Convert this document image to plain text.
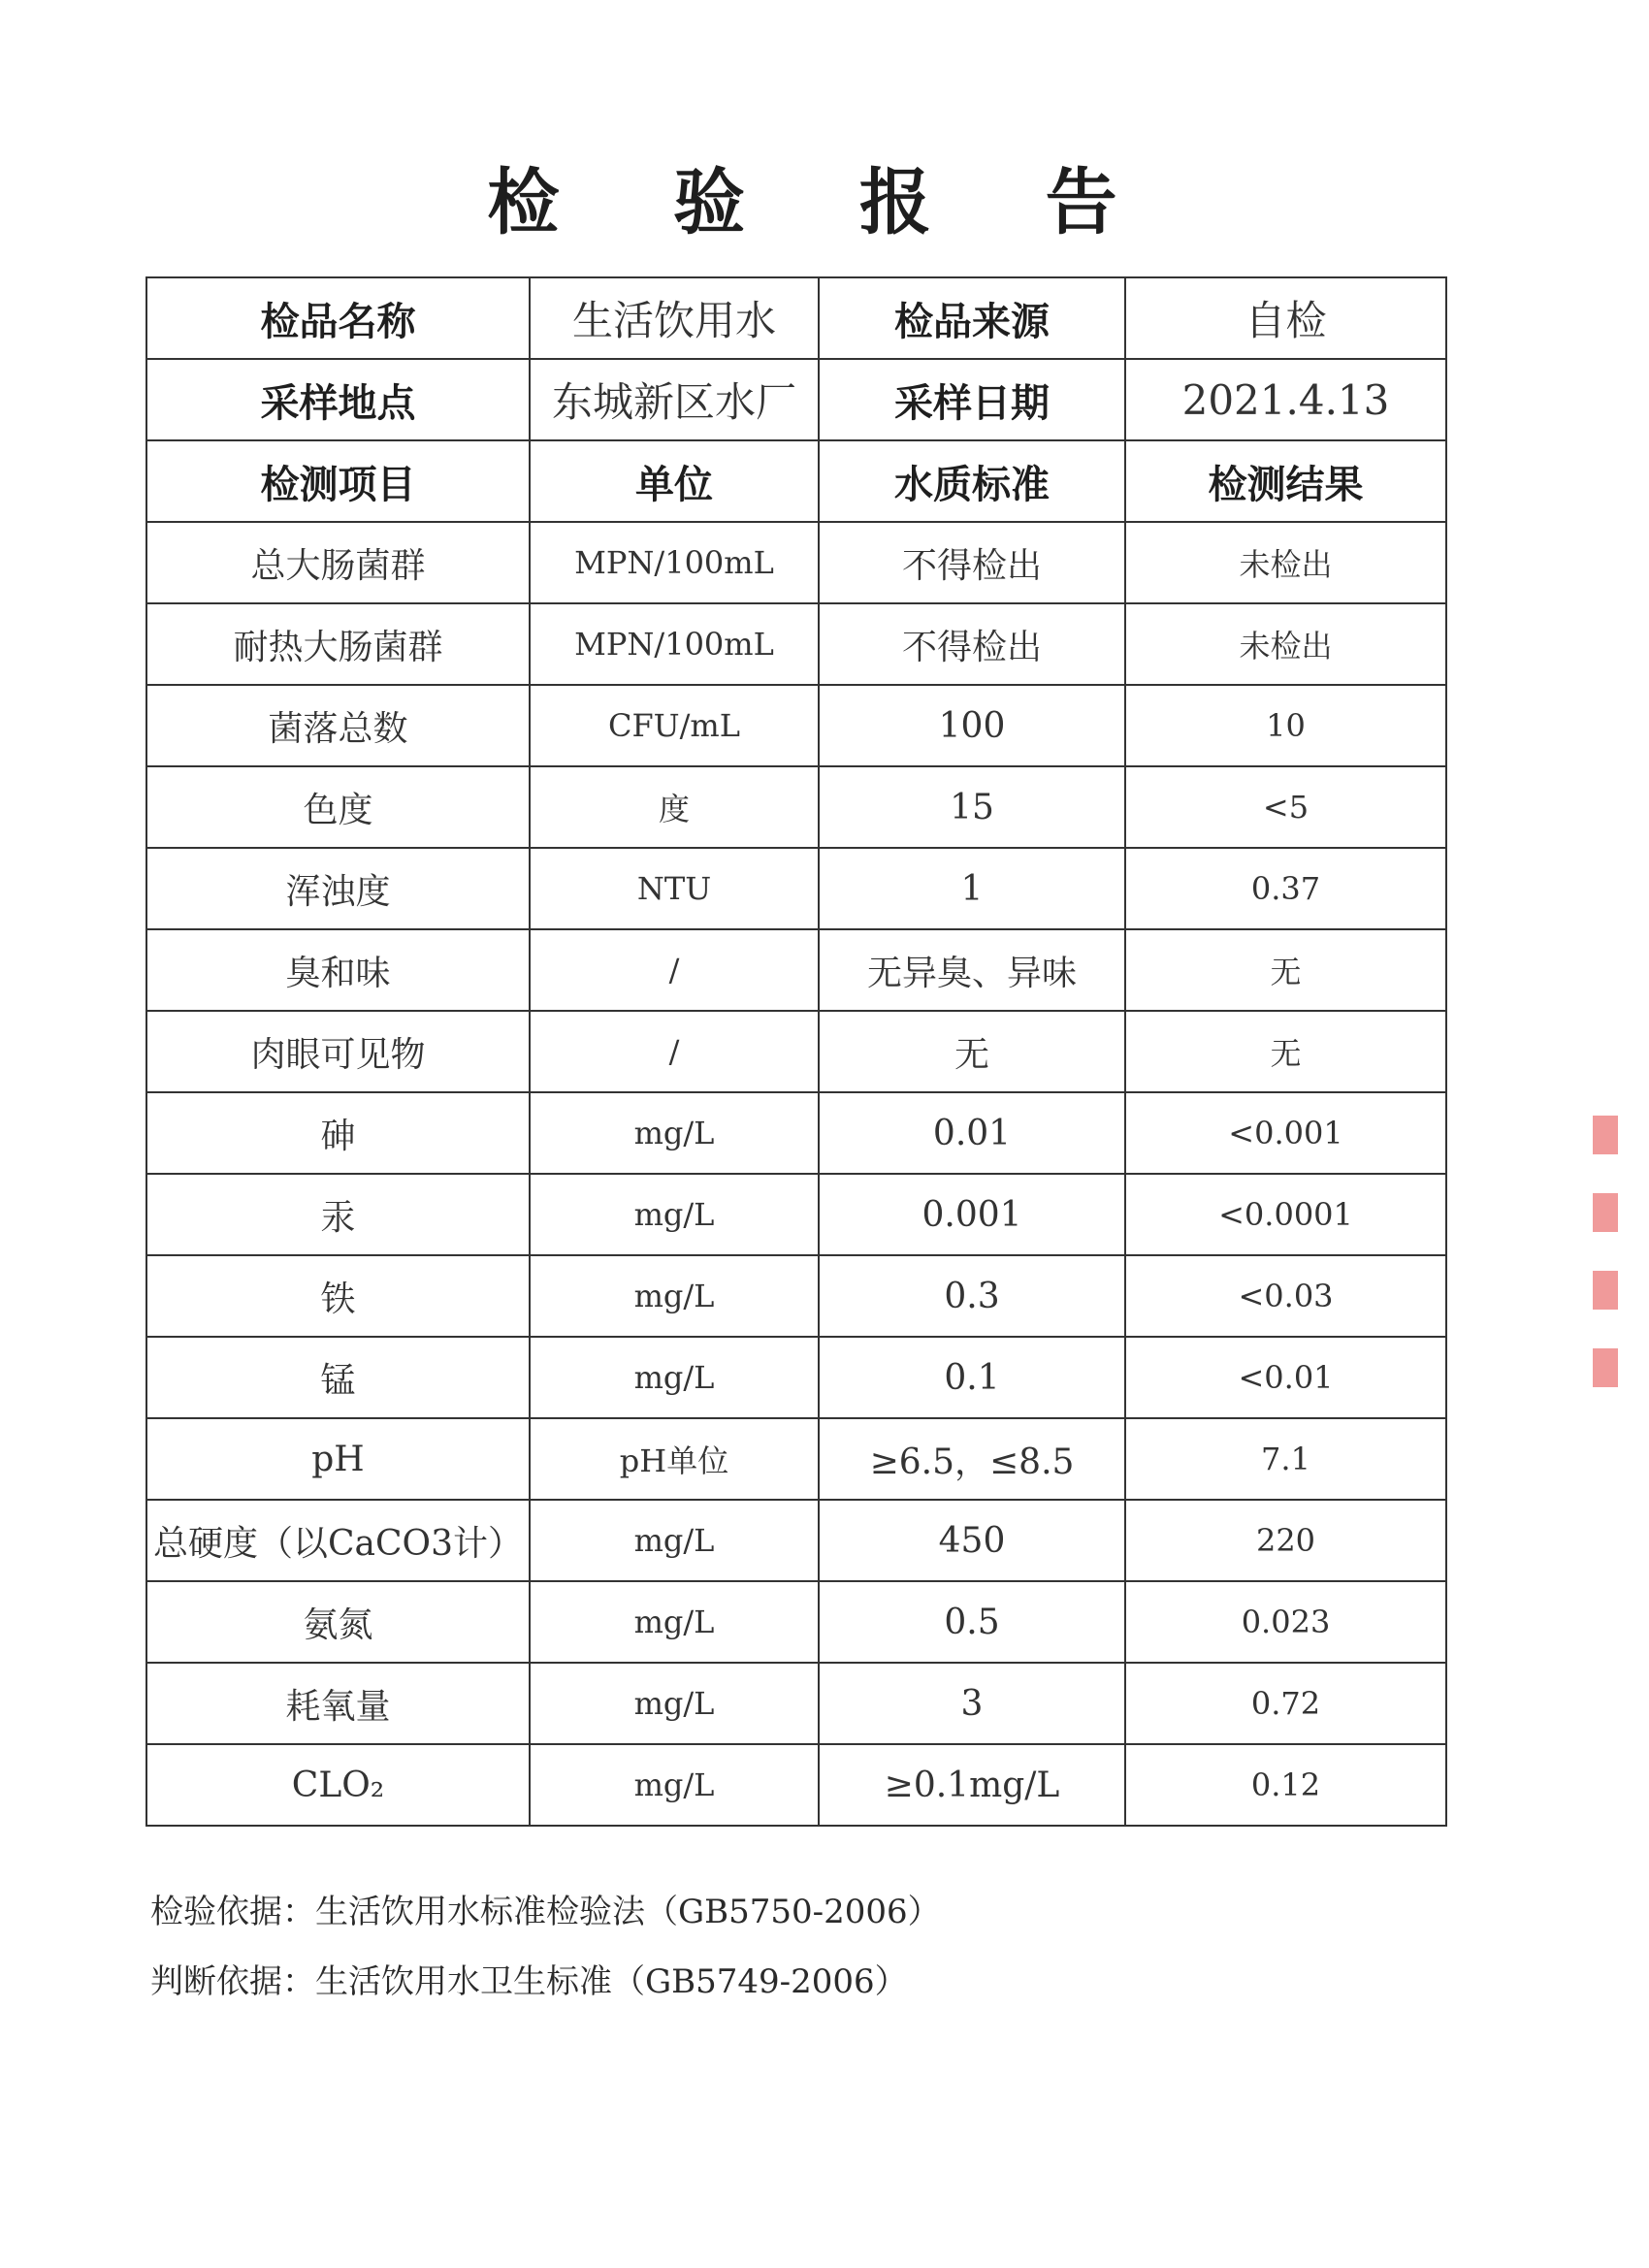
检 验 报 告
检品名称	生活饮用水	检品来源	自检
采样地点	东城新区水厂	采样日期	2021.4.13
检测项目	单位	水质标准	检测结果
总大肠菌群	MPN/100mL	不得检出	未检出
耐热大肠菌群	MPN/100mL	不得检出	未检出
菌落总数	CFU/mL	100	10
色度	度	15	<5
浑浊度	NTU	1	0.37
臭和味	/	无异臭、异味	无
肉眼可见物	/	无	无
砷	mg/L	0.01	<0.001
汞	mg/L	0.001	<0.0001
铁	mg/L	0.3	<0.03
锰	mg/L	0.1	<0.01
pH	pH单位	≥6.5，≤8.5	7.1
总硬度（以CaCO3计）	mg/L	450	220
氨氮	mg/L	0.5	0.023
耗氧量	mg/L	3	0.72
CLO₂	mg/L	≥0.1mg/L	0.12
检验依据：生活饮用水标准检验法（GB5750-2006）
判断依据：生活饮用水卫生标准（GB5749-2006）
